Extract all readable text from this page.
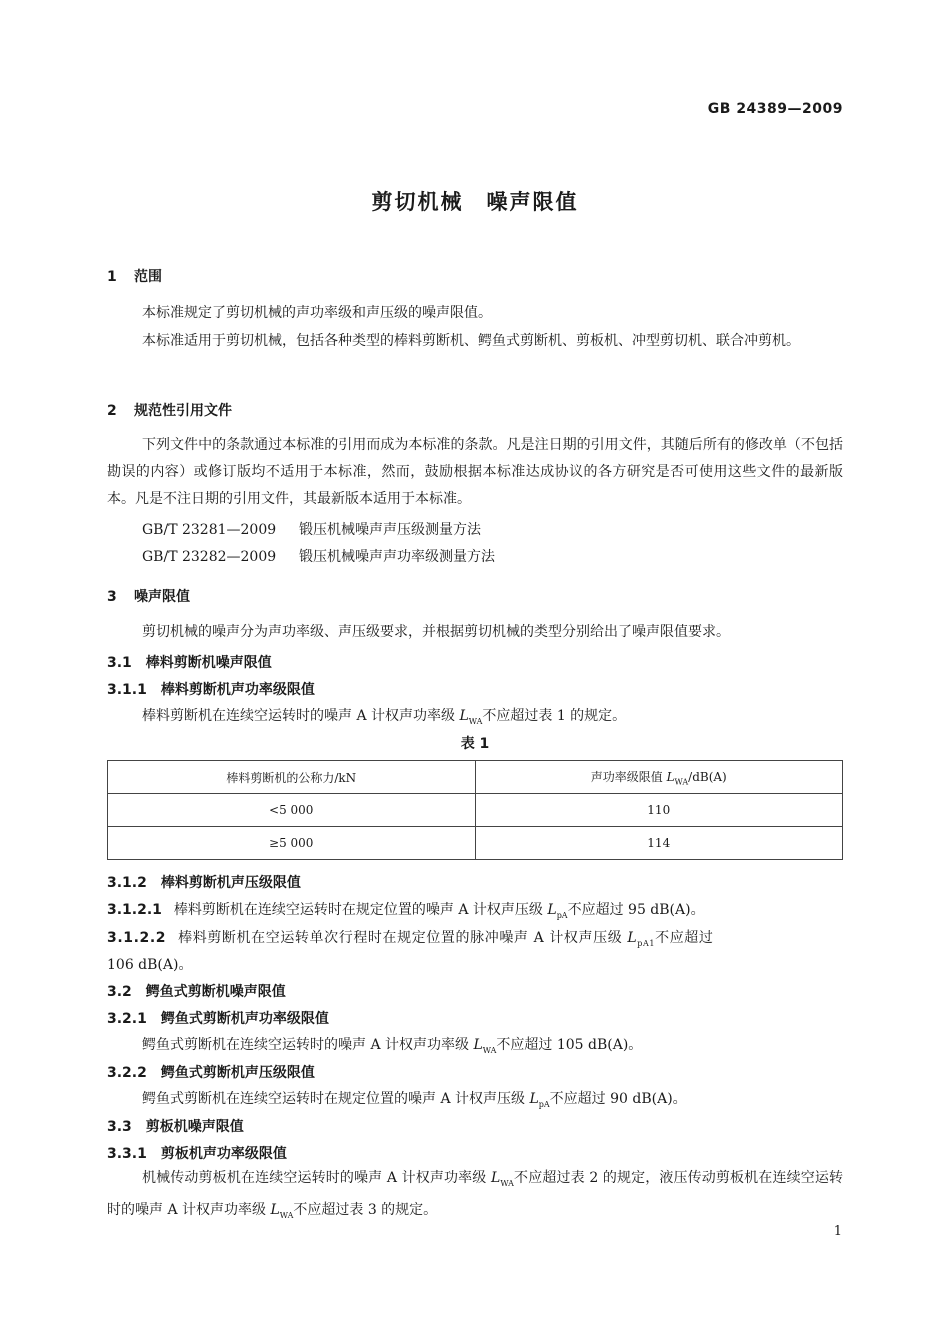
GB 24389—2009
剪切机械　噪声限值
1 范围
本标准规定了剪切机械的声功率级和声压级的噪声限值。
本标准适用于剪切机械，包括各种类型的棒料剪断机、鳄鱼式剪断机、剪板机、冲型剪切机、联合冲剪机。
2 规范性引用文件
下列文件中的条款通过本标准的引用而成为本标准的条款。凡是注日期的引用文件，其随后所有的修改单（不包括勘误的内容）或修订版均不适用于本标准，然而，鼓励根据本标准达成协议的各方研究是否可使用这些文件的最新版本。凡是不注日期的引用文件，其最新版本适用于本标准。
GB/T 23281—2009 锻压机械噪声声压级测量方法
GB/T 23282—2009 锻压机械噪声声功率级测量方法
3 噪声限值
剪切机械的噪声分为声功率级、声压级要求，并根据剪切机械的类型分别给出了噪声限值要求。
3.1　棒料剪断机噪声限值
3.1.1　棒料剪断机声功率级限值
棒料剪断机在连续空运转时的噪声 A 计权声功率级 $L_{WA}$不应超过表 1 的规定。
表 1
棒料剪断机的公称力/kN	声功率级限值 $L_{WA}/dB(A)$
<5 000	110
≥5 000	114
3.1.2　棒料剪断机声压级限值
3.1.2.1 棒料剪断机在连续空运转时在规定位置的噪声 A 计权声压级 $L_{pA}$不应超过 95 dB(A)。
3.1.2.2 棒料剪断机在空运转单次行程时在规定位置的脉冲噪声 A 计权声压级 $L_{pA1}$不应超过
106 dB(A)。
3.2　鳄鱼式剪断机噪声限值
3.2.1　鳄鱼式剪断机声功率级限值
鳄鱼式剪断机在连续空运转时的噪声 A 计权声功率级 $L_{WA}$不应超过 105 dB(A)。
3.2.2　鳄鱼式剪断机声压级限值
鳄鱼式剪断机在连续空运转时在规定位置的噪声 A 计权声压级 $L_{pA}$不应超过 90 dB(A)。
3.3　剪板机噪声限值
3.3.1　剪板机声功率级限值
机械传动剪板机在连续空运转时的噪声 A 计权声功率级 $L_{WA}$不应超过表 2 的规定，液压传动剪板机在连续空运转时的噪声 A 计权声功率级 $L_{WA}$不应超过表 3 的规定。
1
